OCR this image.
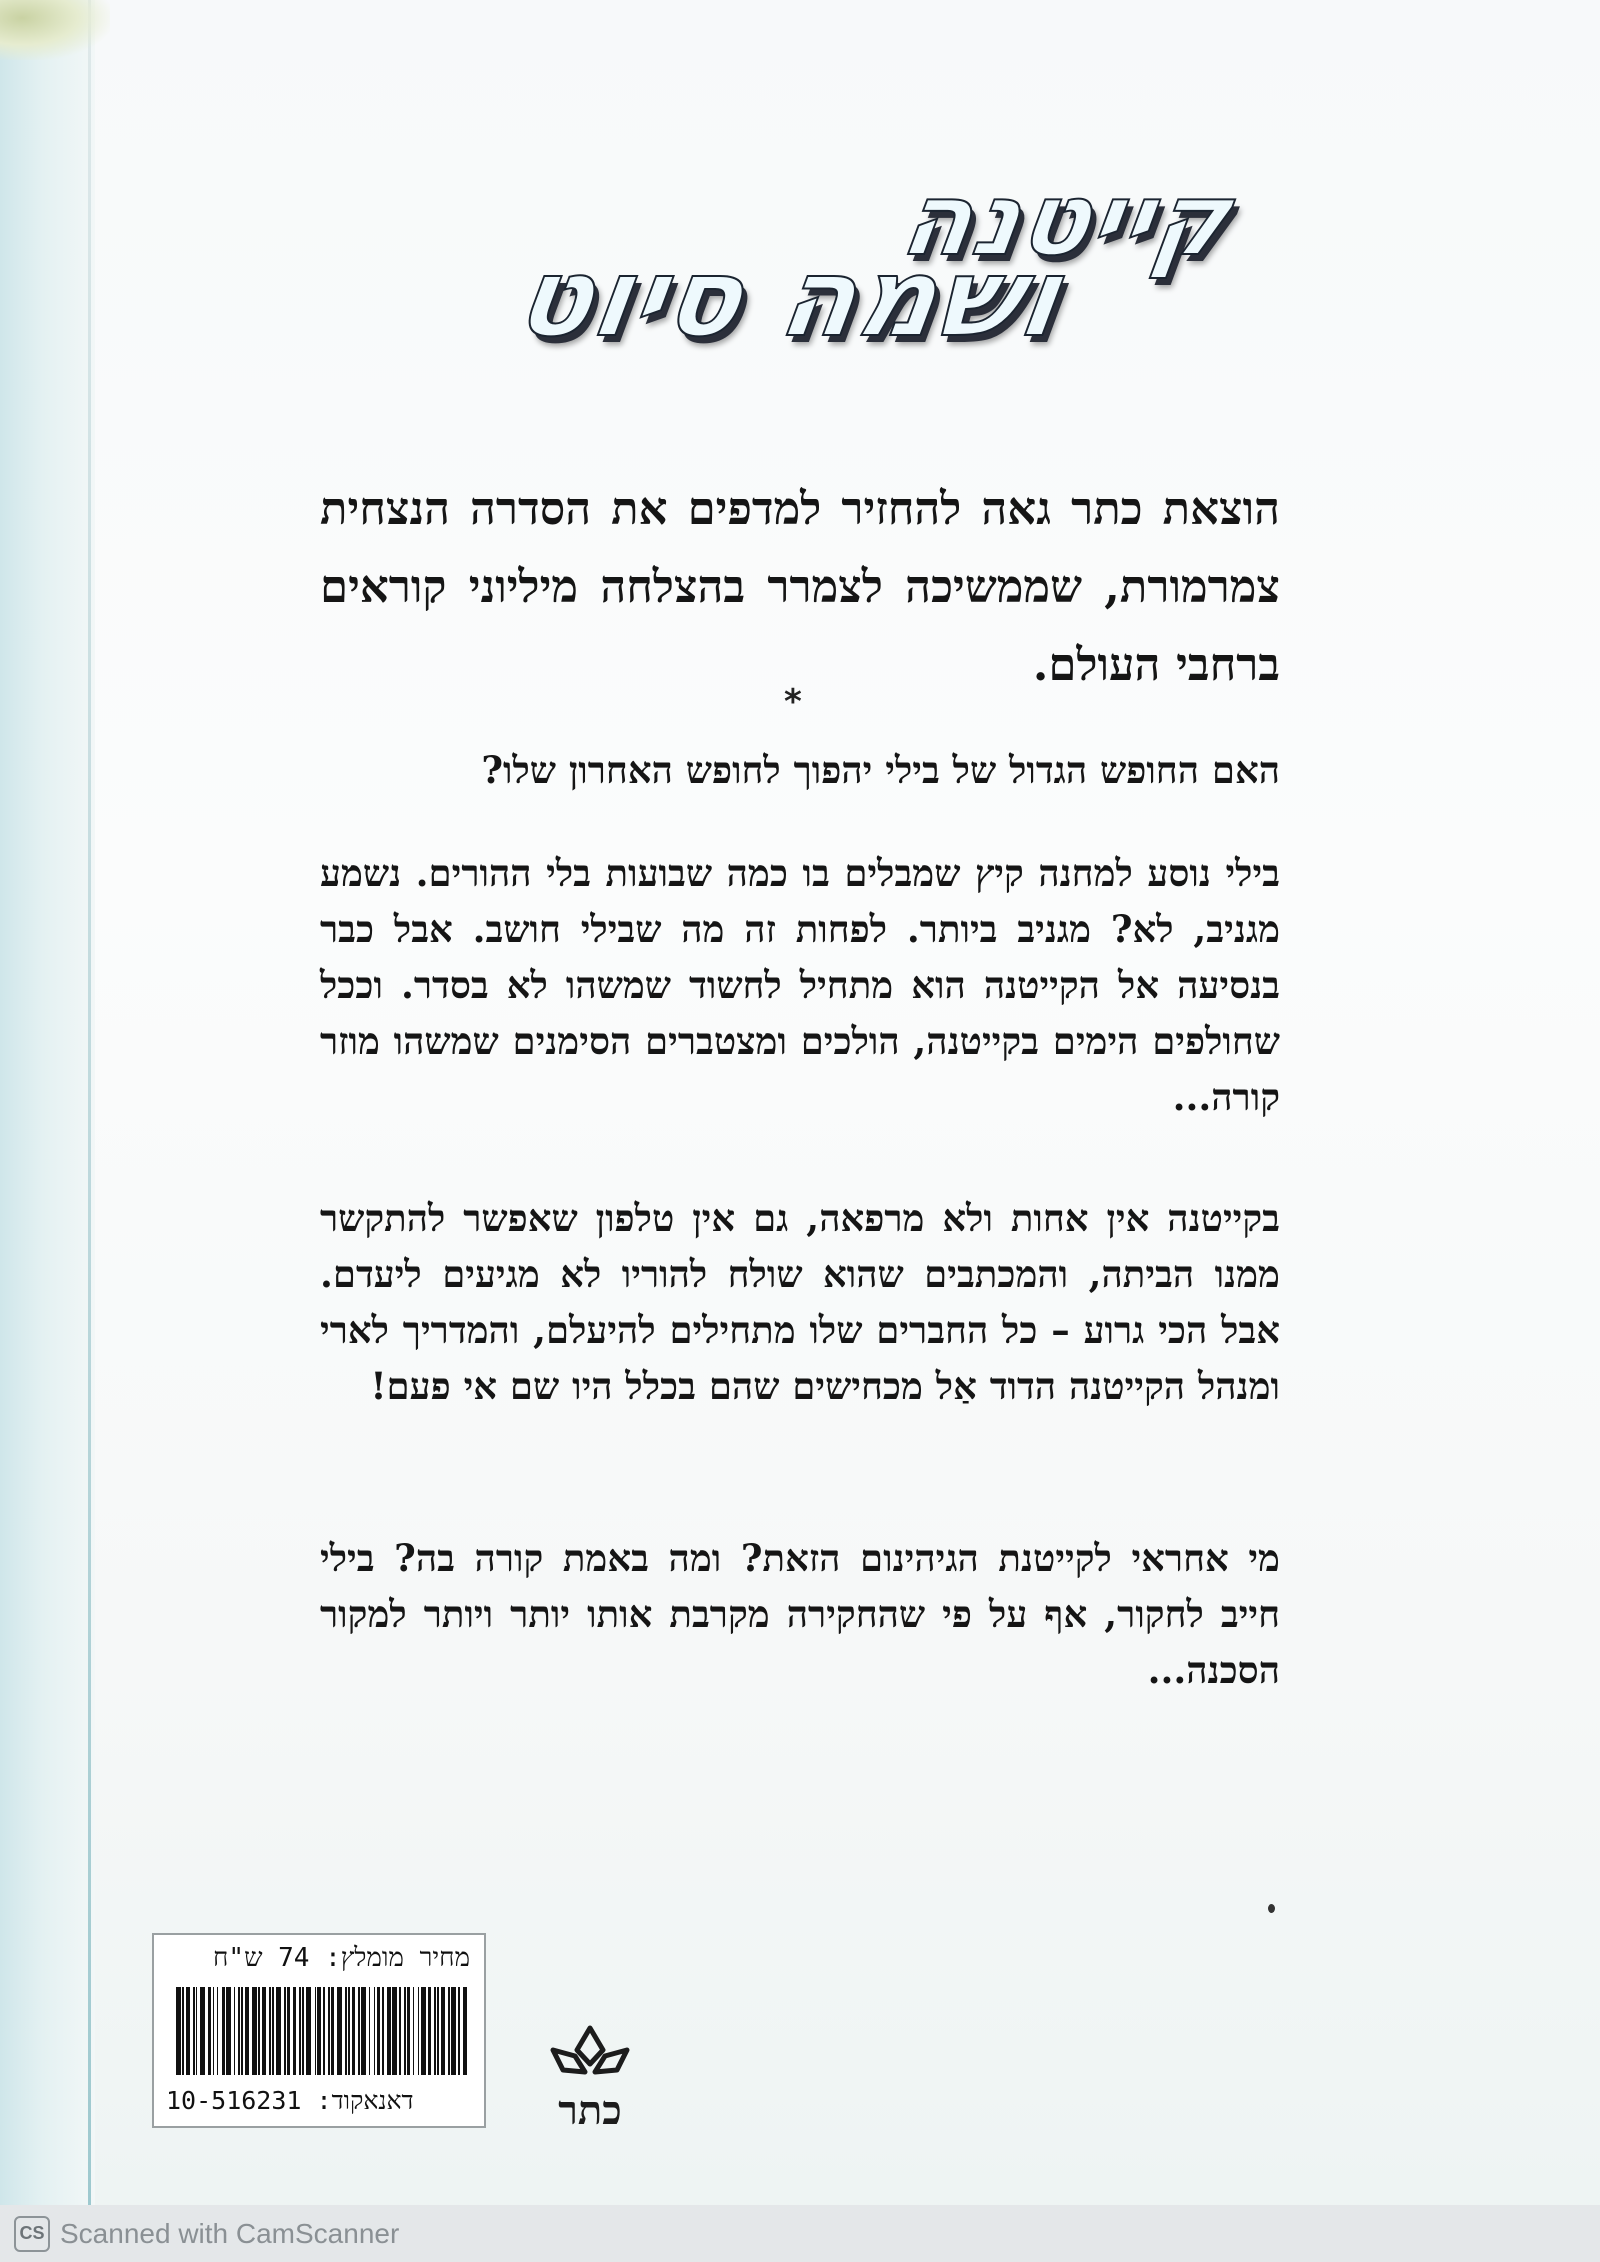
קייטנה
ושמה סיוט
הוצאת כתר גאה להחזיר למדפים את הסדרה הנצחית צמרמורת, שממשיכה לצמרר בהצלחה מיליוני קוראים ברחבי העולם.
*
האם החופש הגדול של בילי יהפוך לחופש האחרון שלו?
בילי נוסע למחנה קיץ שמבלים בו כמה שבועות בלי ההורים. נשמע מגניב, לא? מגניב ביותר. לפחות זה מה שבילי חושב. אבל כבר בנסיעה אל הקייטנה הוא מתחיל לחשוד שמשהו לא בסדר. וככל שחולפים הימים בקייטנה, הולכים ומצטברים הסימנים שמשהו מוזר קורה...
בקייטנה אין אחות ולא מרפאה, גם אין טלפון שאפשר להתקשר ממנו הביתה, והמכתבים שהוא שולח להוריו לא מגיעים ליעדם. אבל הכי גרוע – כל החברים שלו מתחילים להיעלם, והמדריך לארי ומנהל הקייטנה הדוד אַל מכחישים שהם בכלל היו שם אי פעם!
מי אחראי לקייטנת הגיהינום הזאת? ומה באמת קורה בה? בילי חייב לחקור, אף על פי שהחקירה מקרבת אותו יותר ויותר למקור הסכנה...
מחיר מומלץ: 74 ש"ח
דאנאקוד: 10-516231	כתר
CS Scanned with CamScanner
